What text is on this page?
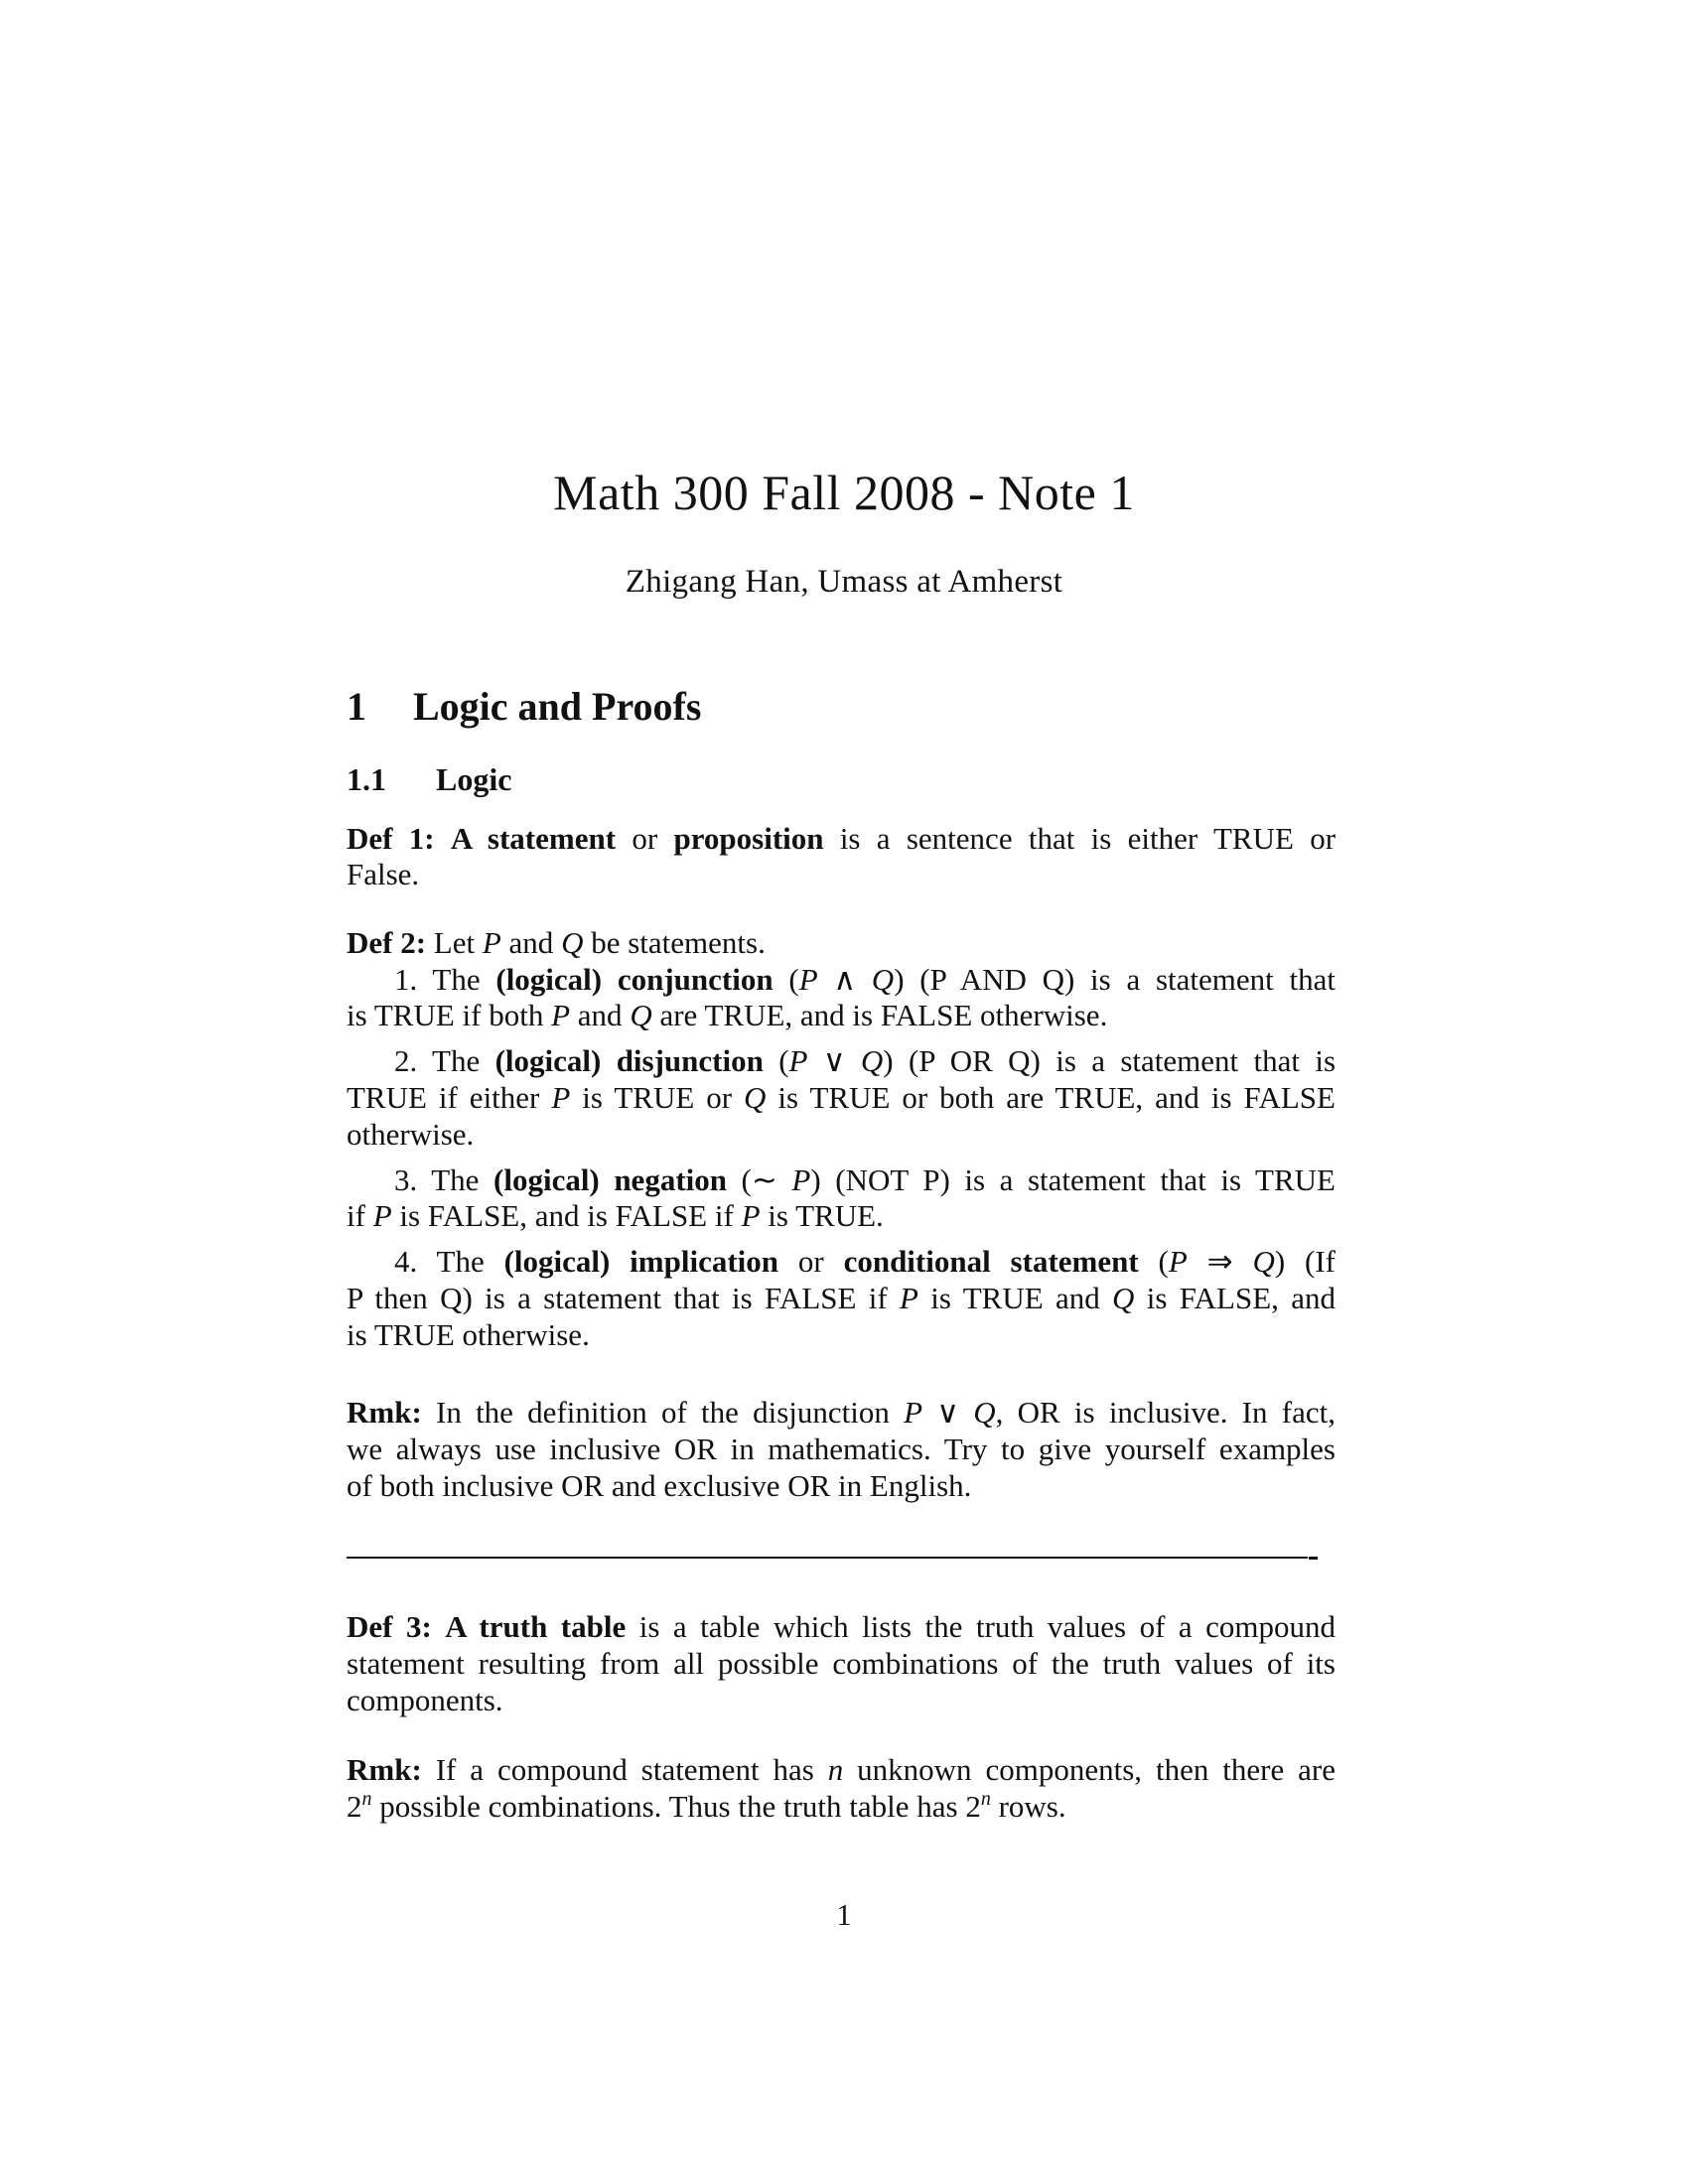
Math 300 Fall 2008 - Note 1
Zhigang Han, Umass at Amherst
1 Logic and Proofs
1.1 Logic
Def 1: A statement or proposition is a sentence that is either TRUE or
False.
Def 2: Let P and Q be statements.
1. The (logical) conjunction (P ∧ Q) (P AND Q) is a statement that
is TRUE if both P and Q are TRUE, and is FALSE otherwise.
2. The (logical) disjunction (P ∨ Q) (P OR Q) is a statement that is
TRUE if either P is TRUE or Q is TRUE or both are TRUE, and is FALSE
otherwise.
3. The (logical) negation (∼ P) (NOT P) is a statement that is TRUE
if P is FALSE, and is FALSE if P is TRUE.
4. The (logical) implication or conditional statement (P ⇒ Q) (If
P then Q) is a statement that is FALSE if P is TRUE and Q is FALSE, and
is TRUE otherwise.
Rmk: In the definition of the disjunction P ∨ Q, OR is inclusive. In fact,
we always use inclusive OR in mathematics. Try to give yourself examples
of both inclusive OR and exclusive OR in English.
Def 3: A truth table is a table which lists the truth values of a compound
statement resulting from all possible combinations of the truth values of its
components.
Rmk: If a compound statement has n unknown components, then there are
2$^n$ possible combinations. Thus the truth table has 2$^n$ rows.
1
